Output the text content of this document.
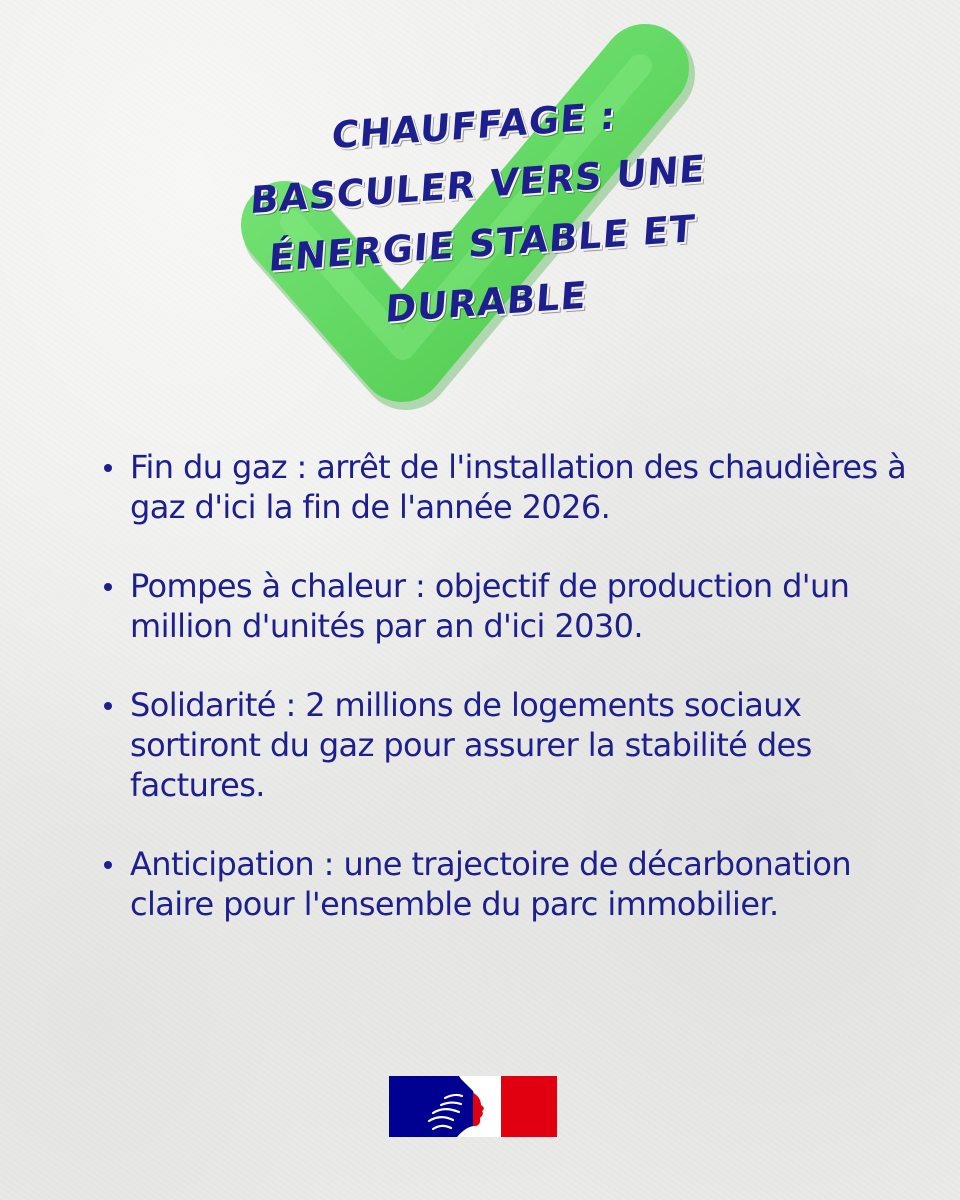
CHAUFFAGE :
BASCULER VERS UNE
ÉNERGIE STABLE ET
DURABLE
Fin du gaz : arrêt de l'installation des chaudières à gaz d'ici la fin de l'année 2026.
Pompes à chaleur : objectif de production d'un million d'unités par an d'ici 2030.
Solidarité : 2 millions de logements sociaux sortiront du gaz pour assurer la stabilité des factures.
Anticipation : une trajectoire de décarbonation claire pour l'ensemble du parc immobilier.
